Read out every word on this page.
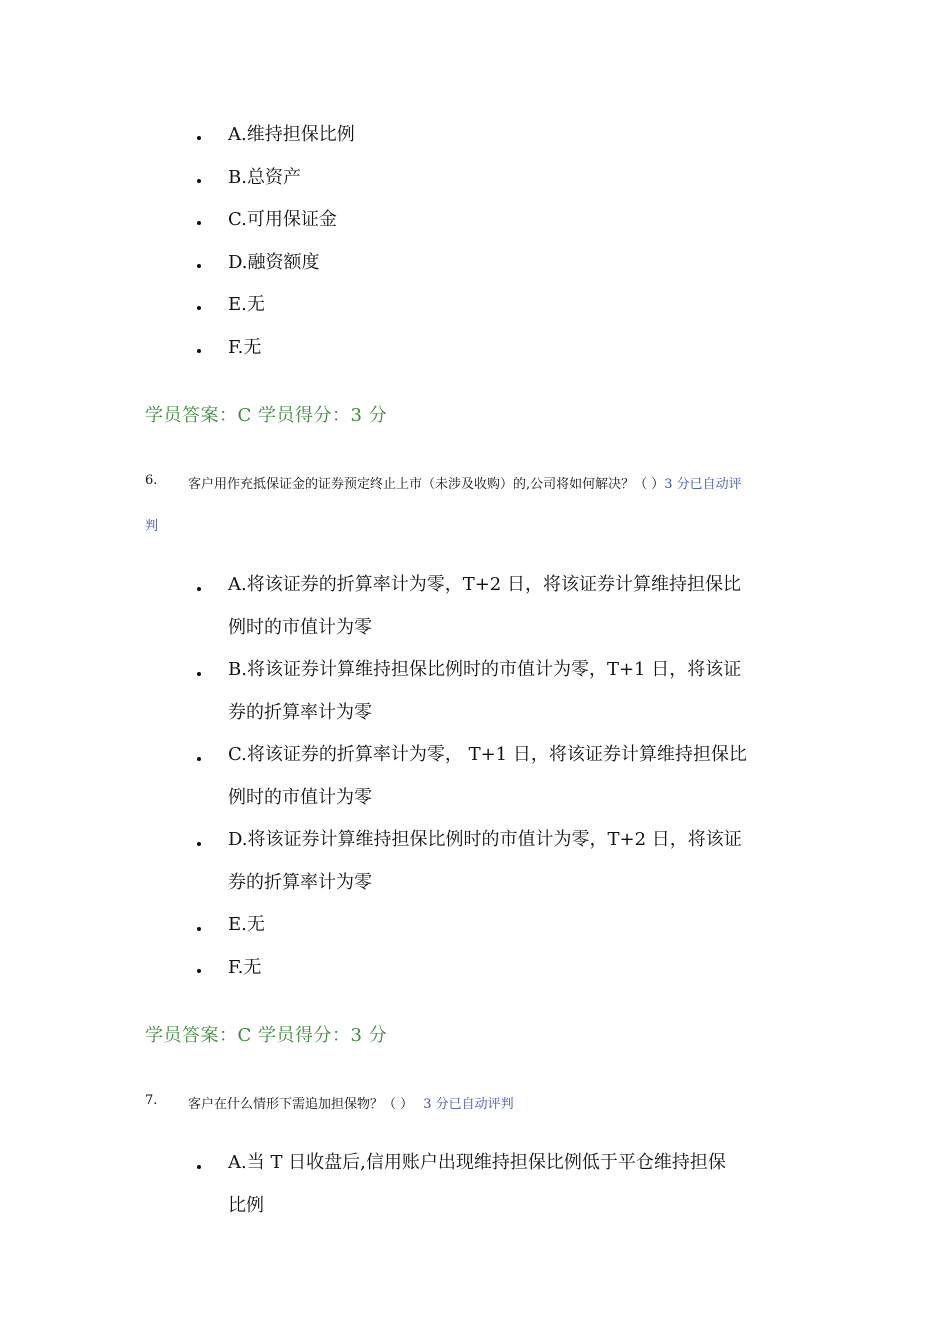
A.维持担保比例
B.总资产
C.可用保证金
D.融资额度
E.无
F.无
学员答案：C 学员得分：3 分
6. 客户用作充抵保证金的证券预定终止上市（未涉及收购）的,公司将如何解决？（ ）3 分已自动评
判
A.将该证券的折算率计为零，T+2 日，将该证券计算维持担保比
例时的市值计为零
B.将该证券计算维持担保比例时的市值计为零，T+1 日，将该证
券的折算率计为零
C.将该证券的折算率计为零， T+1 日，将该证券计算维持担保比
例时的市值计为零
D.将该证券计算维持担保比例时的市值计为零，T+2 日，将该证
券的折算率计为零
E.无
F.无
学员答案：C 学员得分：3 分
7. 客户在什么情形下需追加担保物？（ ） 3 分已自动评判
A.当 T 日收盘后,信用账户出现维持担保比例低于平仓维持担保
比例
